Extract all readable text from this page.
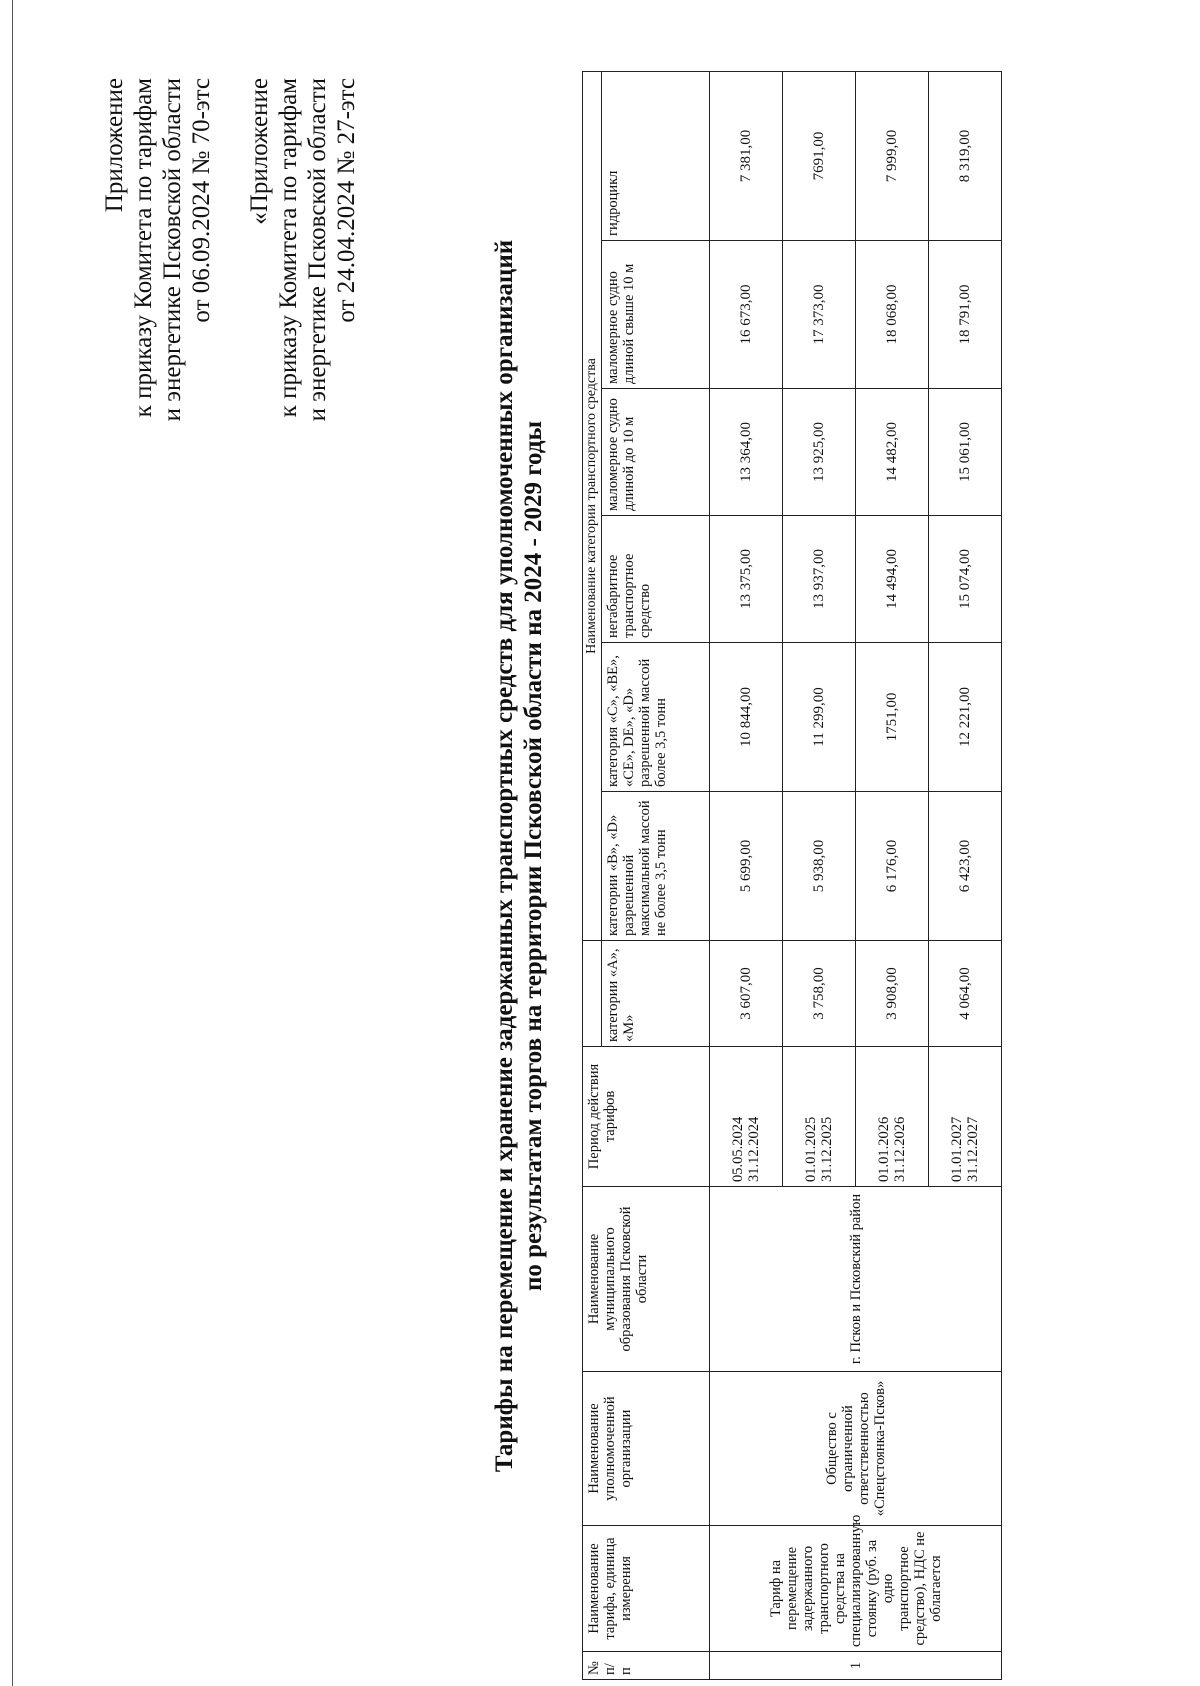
Приложение к приказу Комитета по тарифам и энергетике Псковской области от 06.09.2024 № 70-этс «Приложение к приказу Комитета по тарифам и энергетике Псковской области от 24.04.2024 № 27-этс
Тарифы на перемещение и хранение задержанных транспортных средств для уполномоченных организаций по результатам торгов на территории Псковской области на 2024 - 2029 годы
№ п/п	Наименование тарифа, единица измерения	Наименование уполномоченной организации	Наименование муниципального образования Псковской области	Период действия тарифов		Наименование категории транспортного средства					
					категории «А», «М»	категории «В», «D» разрешенной максимальной массой не более 3,5 тонн	категория «С», «ВЕ», «СЕ», DE», «D» разрешенной массой более 3,5 тонн	негабаритное транспортное средство	маломерное судно длиной до 10 м	маломерное судно длиной свыше 10 м	гидроцикл
1	Тариф на перемещение задержанного транспортного средства на специализированную стоянку (руб. за одно транспортное средство), НДС не облагается	Общество с ограниченной ответственностью «Спецстоянка-Псков»	г. Псков и Псковский район	05.05.2024 31.12.2024	3 607,00	5 699,00	10 844,00	13 375,00	13 364,00	16 673,00	7 381,00
				01.01.2025 31.12.2025	3 758,00	5 938,00	11 299,00	13 937,00	13 925,00	17 373,00	7691,00
				01.01.2026 31.12.2026	3 908,00	6 176,00	1751,00	14 494,00	14 482,00	18 068,00	7 999,00
				01.01.2027 31.12.2027	4 064,00	6 423,00	12 221,00	15 074,00	15 061,00	18 791,00	8 319,00
